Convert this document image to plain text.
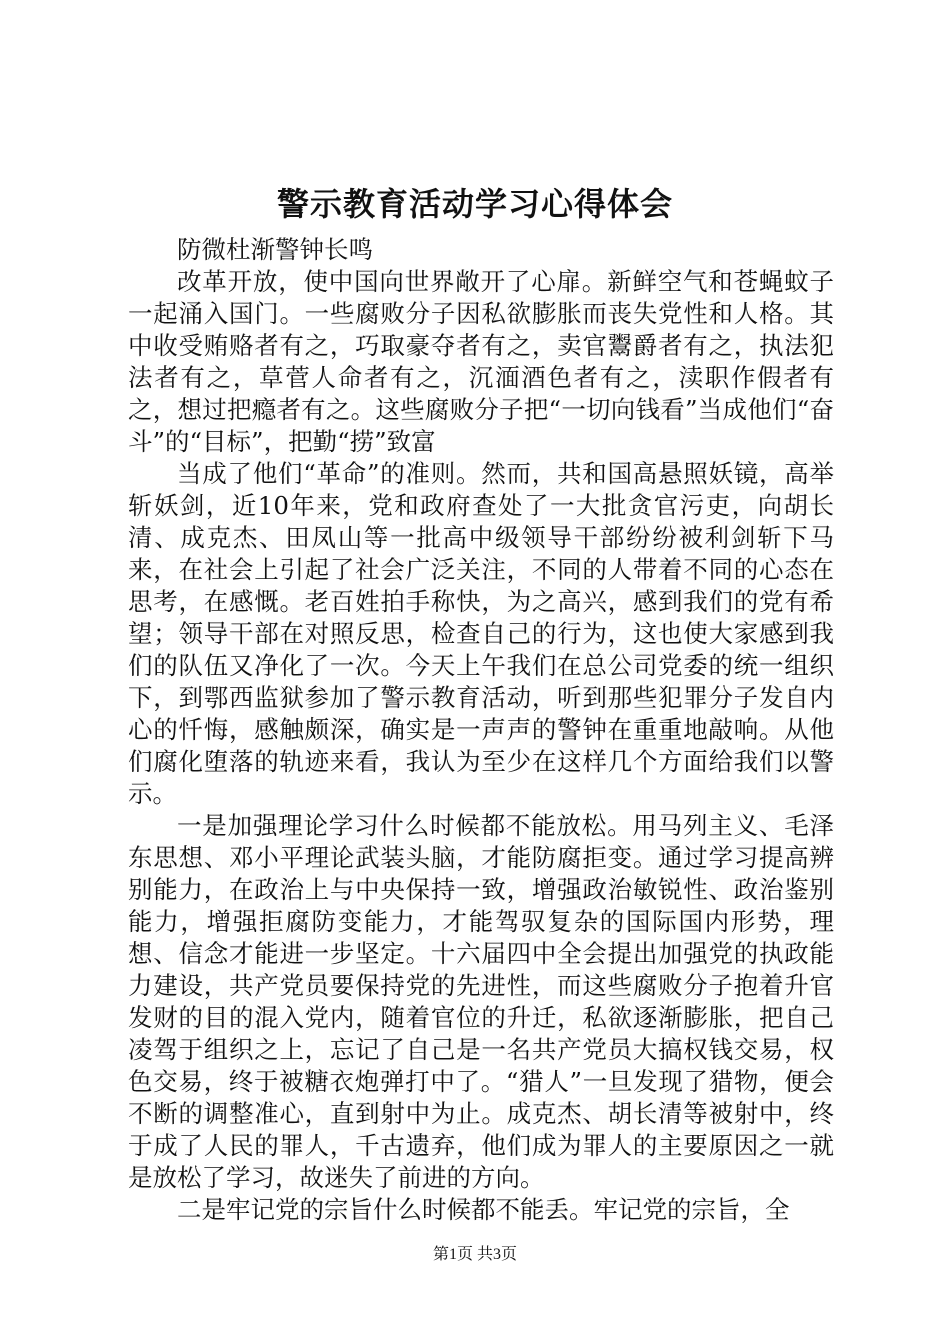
警示教育活动学习心得体会

防微杜渐警钟长鸣

改革开放，使中国向世界敞开了心扉。新鲜空气和苍蝇蚊子一起涌入国门。一些腐败分子因私欲膨胀而丧失党性和人格。其中收受贿赂者有之，巧取豪夺者有之，卖官鬻爵者有之，执法犯法者有之，草菅人命者有之，沉湎酒色者有之，渎职作假者有之，想过把瘾者有之。这些腐败分子把“一切向钱看”当成他们“奋斗”的“目标”，把勤“捞”致富

当成了他们“革命”的准则。然而，共和国高悬照妖镜，高举斩妖剑，近10年来，党和政府查处了一大批贪官污吏，向胡长清、成克杰、田凤山等一批高中级领导干部纷纷被利剑斩下马来，在社会上引起了社会广泛关注，不同的人带着不同的心态在思考，在感慨。老百姓拍手称快，为之高兴，感到我们的党有希望；领导干部在对照反思，检查自己的行为，这也使大家感到我们的队伍又净化了一次。今天上午我们在总公司党委的统一组织下，到鄂西监狱参加了警示教育活动，听到那些犯罪分子发自内心的忏悔，感触颇深，确实是一声声的警钟在重重地敲响。从他们腐化堕落的轨迹来看，我认为至少在这样几个方面给我们以警示。

一是加强理论学习什么时候都不能放松。用马列主义、毛泽东思想、邓小平理论武装头脑，才能防腐拒变。通过学习提高辨别能力，在政治上与中央保持一致，增强政治敏锐性、政治鉴别能力，增强拒腐防变能力，才能驾驭复杂的国际国内形势，理想、信念才能进一步坚定。十六届四中全会提出加强党的执政能力建设，共产党员要保持党的先进性，而这些腐败分子抱着升官发财的目的混入党内，随着官位的升迁，私欲逐渐膨胀，把自己凌驾于组织之上，忘记了自己是一名共产党员大搞权钱交易，权色交易，终于被糖衣炮弹打中了。“猎人”一旦发现了猎物，便会不断的调整准心，直到射中为止。成克杰、胡长清等被射中，终于成了人民的罪人，千古遗弃，他们成为罪人的主要原因之一就是放松了学习，故迷失了前进的方向。

二是牢记党的宗旨什么时候都不能丢。牢记党的宗旨，全

第1页 共3页
